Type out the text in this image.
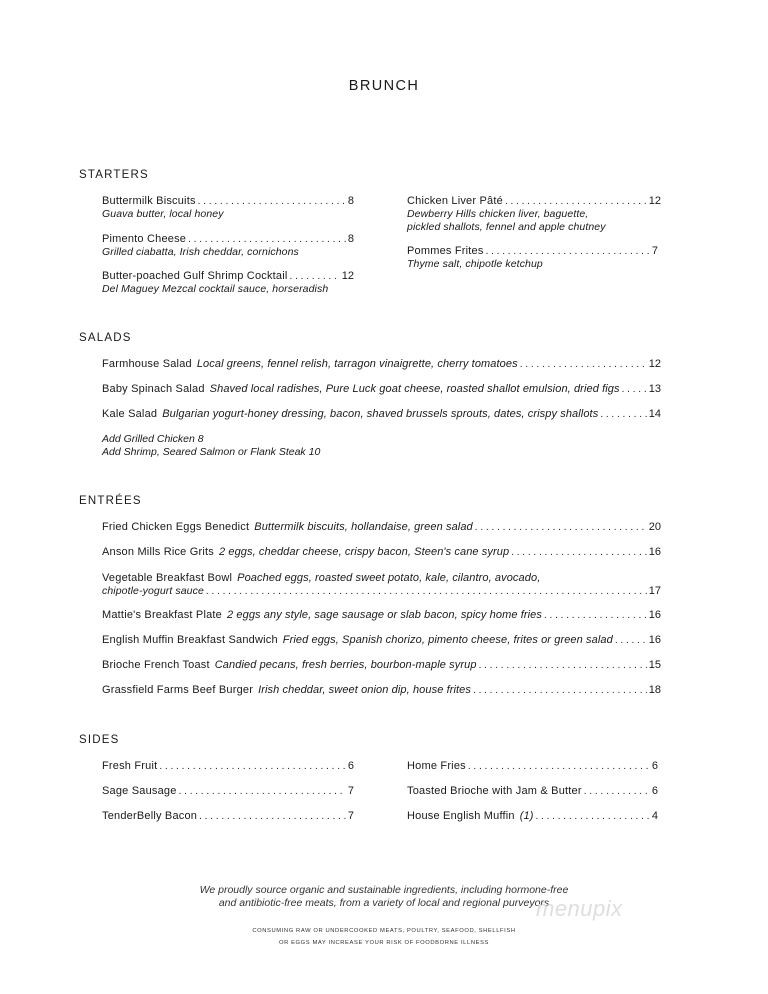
BRUNCH
STARTERS
Buttermilk Biscuits . . .	8
Guava butter, local honey
Pimento Cheese . . .	8
Grilled ciabatta, Irish cheddar, cornichons
Butter-poached Gulf Shrimp Cocktail . . .	12
Del Maguey Mezcal cocktail sauce, horseradish
Chicken Liver Pâté . . .	12
Dewberry Hills chicken liver, baguette,
pickled shallots, fennel and apple chutney
Pommes Frites . . .	7
Thyme salt, chipotle ketchup
SALADS
Farmhouse Salad Local greens, fennel relish, tarragon vinaigrette, cherry tomatoes . . .	12
Baby Spinach Salad Shaved local radishes, Pure Luck goat cheese, roasted shallot emulsion, dried figs . . .	13
Kale Salad Bulgarian yogurt-honey dressing, bacon, shaved brussels sprouts, dates, crispy shallots . . .	14
Add Grilled Chicken 8
Add Shrimp, Seared Salmon or Flank Steak 10
ENTRÉES
Fried Chicken Eggs Benedict Buttermilk biscuits, hollandaise, green salad . . .	20
Anson Mills Rice Grits 2 eggs, cheddar cheese, crispy bacon, Steen's cane syrup . . .	16
Vegetable Breakfast Bowl Poached eggs, roasted sweet potato, kale, cilantro, avocado,
chipotle-yogurt sauce . . .	17
Mattie's Breakfast Plate 2 eggs any style, sage sausage or slab bacon, spicy home fries . . .	16
English Muffin Breakfast Sandwich Fried eggs, Spanish chorizo, pimento cheese, frites or green salad . . .	16
Brioche French Toast Candied pecans, fresh berries, bourbon-maple syrup . . .	15
Grassfield Farms Beef Burger Irish cheddar, sweet onion dip, house frites . . .	18
SIDES
Fresh Fruit . . .	6
Sage Sausage . . .	7
TenderBelly Bacon . . .	7
Home Fries . . .	6
Toasted Brioche with Jam & Butter . . .	6
House English Muffin (1) . . .	4
We proudly source organic and sustainable ingredients, including hormone-free
and antibiotic-free meats, from a variety of local and regional purveyors
menupix
CONSUMING RAW OR UNDERCOOKED MEATS, POULTRY, SEAFOOD, SHELLFISH
OR EGGS MAY INCREASE YOUR RISK OF FOODBORNE ILLNESS
